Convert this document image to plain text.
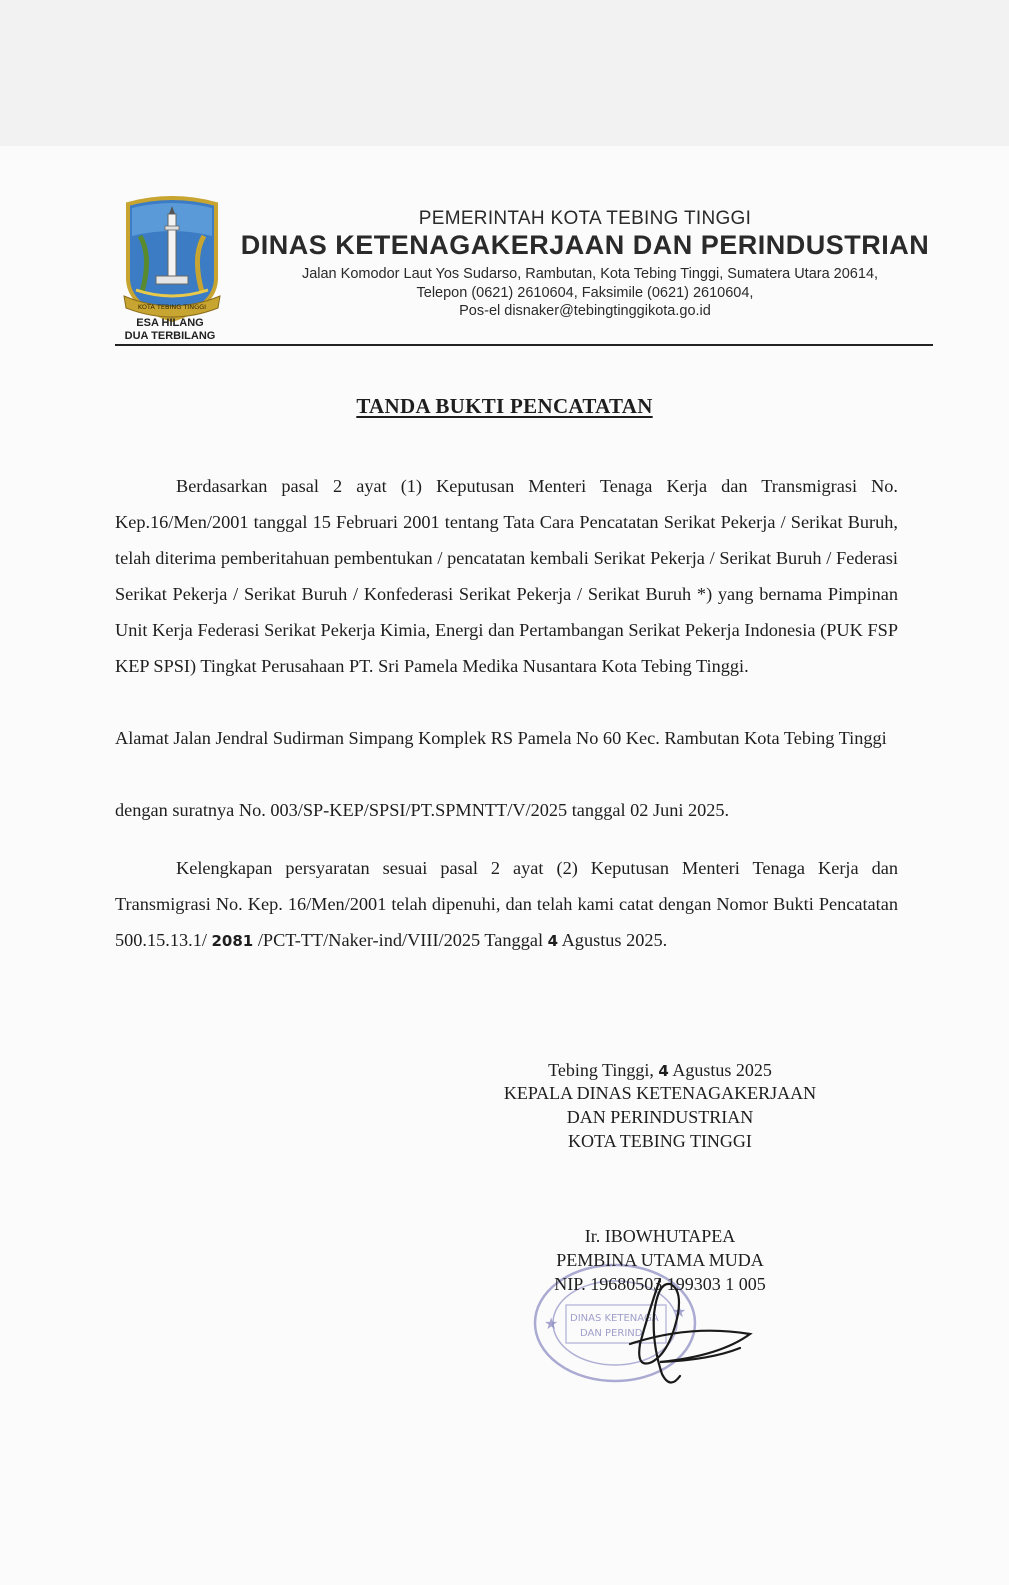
KOTA TEBING TINGGI
ESA HILANG
DUA TERBILANG
PEMERINTAH KOTA TEBING TINGGI
DINAS KETENAGAKERJAAN DAN PERINDUSTRIAN
Jalan Komodor Laut Yos Sudarso, Rambutan, Kota Tebing Tinggi, Sumatera Utara 20614,
Telepon (0621) 2610604, Faksimile (0621) 2610604,
Pos-el disnaker@tebingtinggikota.go.id
TANDA BUKTI PENCATATAN
Berdasarkan pasal 2 ayat (1) Keputusan Menteri Tenaga Kerja dan Transmigrasi No. Kep.16/Men/2001 tanggal 15 Februari 2001 tentang Tata Cara Pencatatan Serikat Pekerja / Serikat Buruh, telah diterima pemberitahuan pembentukan / pencatatan kembali Serikat Pekerja / Serikat Buruh / Federasi Serikat Pekerja / Serikat Buruh / Konfederasi Serikat Pekerja / Serikat Buruh *) yang bernama Pimpinan Unit Kerja Federasi Serikat Pekerja Kimia, Energi dan Pertambangan Serikat Pekerja Indonesia (PUK FSP KEP SPSI) Tingkat Perusahaan PT. Sri Pamela Medika Nusantara Kota Tebing Tinggi.
Alamat Jalan Jendral Sudirman Simpang Komplek RS Pamela No 60 Kec. Rambutan Kota Tebing Tinggi
dengan suratnya No. 003/SP-KEP/SPSI/PT.SPMNTT/V/2025 tanggal 02 Juni 2025.
Kelengkapan persyaratan sesuai pasal 2 ayat (2) Keputusan Menteri Tenaga Kerja dan Transmigrasi No. Kep. 16/Men/2001 telah dipenuhi, dan telah kami catat dengan Nomor Bukti Pencatatan 500.15.13.1/ 2081 /PCT-TT/Naker-ind/VIII/2025 Tanggal 4 Agustus 2025.
DINAS KETENAGA
DAN PERIND
★
★
Tebing Tinggi, 4 Agustus 2025
KEPALA DINAS KETENAGAKERJAAN
DAN PERINDUSTRIAN
KOTA TEBING TINGGI
Ir. IBOWHUTAPEA
PEMBINA UTAMA MUDA
NIP. 19680503 199303 1 005
